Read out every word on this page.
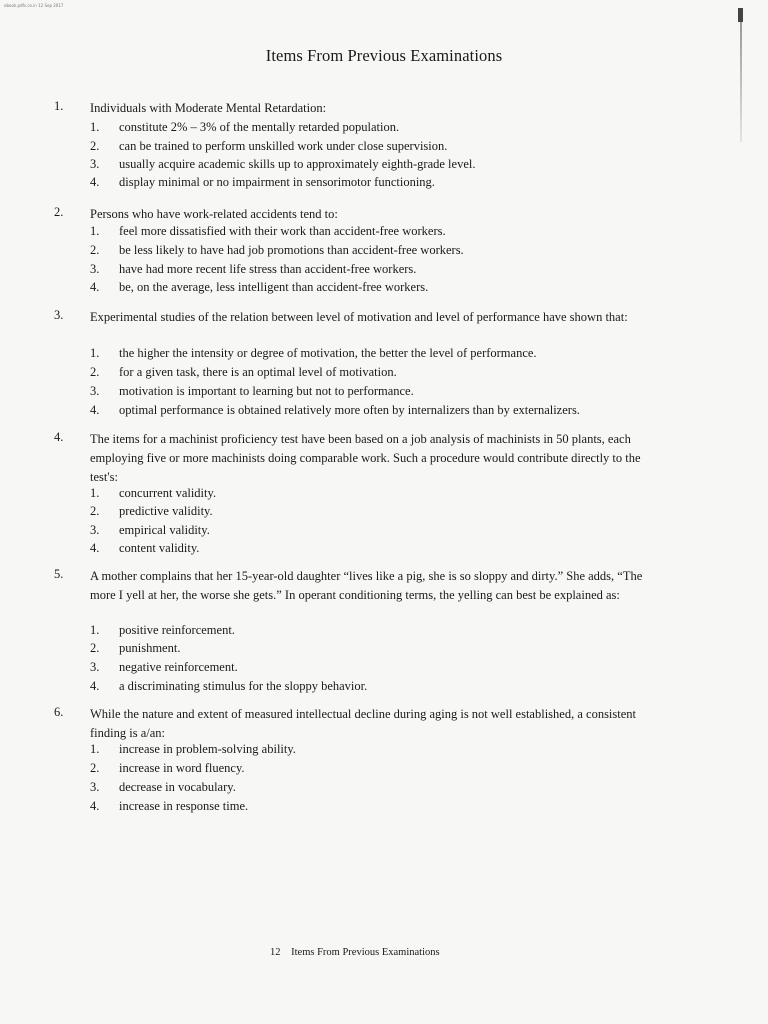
ebook.pdfs.co.in 12 Sep 2017
Items From Previous Examinations
1. Individuals with Moderate Mental Retardation:
1. constitute 2% – 3% of the mentally retarded population.
2. can be trained to perform unskilled work under close supervision.
3. usually acquire academic skills up to approximately eighth-grade level.
4. display minimal or no impairment in sensorimotor functioning.
2. Persons who have work-related accidents tend to:
1. feel more dissatisfied with their work than accident-free workers.
2. be less likely to have had job promotions than accident-free workers.
3. have had more recent life stress than accident-free workers.
4. be, on the average, less intelligent than accident-free workers.
3. Experimental studies of the relation between level of motivation and level of performance have shown that:
1. the higher the intensity or degree of motivation, the better the level of performance.
2. for a given task, there is an optimal level of motivation.
3. motivation is important to learning but not to performance.
4. optimal performance is obtained relatively more often by internalizers than by externalizers.
4. The items for a machinist proficiency test have been based on a job analysis of machinists in 50 plants, each employing five or more machinists doing comparable work. Such a procedure would contribute directly to the test's:
1. concurrent validity.
2. predictive validity.
3. empirical validity.
4. content validity.
5. A mother complains that her 15-year-old daughter “lives like a pig, she is so sloppy and dirty.” She adds, “The more I yell at her, the worse she gets.” In operant conditioning terms, the yelling can best be explained as:
1. positive reinforcement.
2. punishment.
3. negative reinforcement.
4. a discriminating stimulus for the sloppy behavior.
6. While the nature and extent of measured intellectual decline during aging is not well established, a consistent finding is a/an:
1. increase in problem-solving ability.
2. increase in word fluency.
3. decrease in vocabulary.
4. increase in response time.
12 Items From Previous Examinations
